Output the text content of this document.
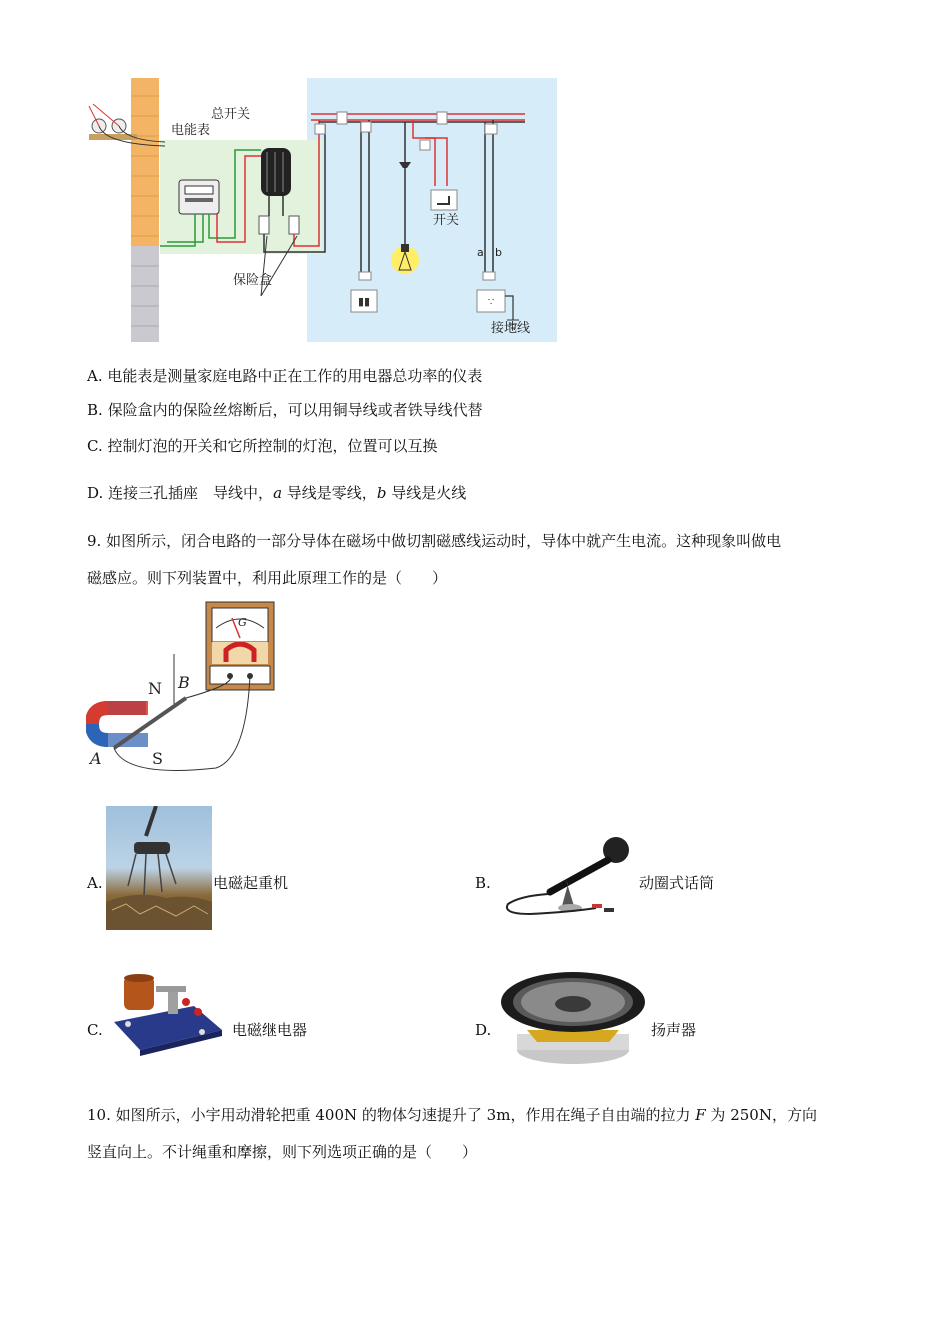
▮▮	∵
总开关
电能表
保险盒
开关
a b
接地线
A. 电能表是测量家庭电路中正在工作的用电器总功率的仪表
B. 保险盒内的保险丝熔断后，可以用铜导线或者铁导线代替
C. 控制灯泡的开关和它所控制的灯泡，位置可以互换
D. 连接三孔插座　导线中，a 导线是零线，b 导线是火线
9. 如图所示，闭合电路的一部分导体在磁场中做切割磁感线运动时，导体中就产生电流。这种现象叫做电
磁感应。则下列装置中，利用此原理工作的是（　　）
G
N B
A	S
A.	电磁起重机	B.	动圈式话筒
C.	电磁继电器	D.	扬声器
10. 如图所示，小宇用动滑轮把重 400N 的物体匀速提升了 3m，作用在绳子自由端的拉力 F 为 250N，方向
竖直向上。不计绳重和摩擦，则下列选项正确的是（　　）
